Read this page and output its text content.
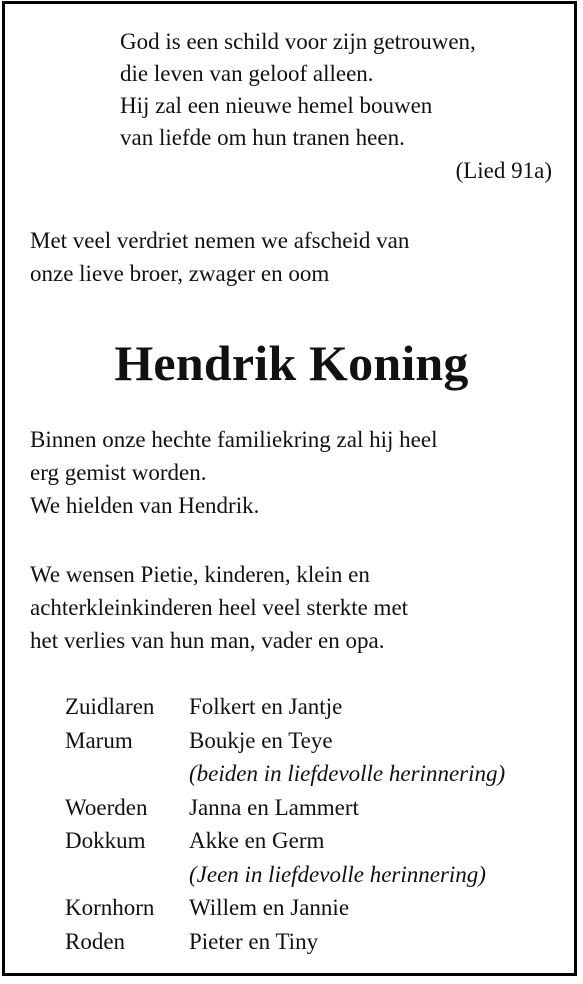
God is een schild voor zijn getrouwen,
die leven van geloof alleen.
Hij zal een nieuwe hemel bouwen
van liefde om hun tranen heen.
(Lied 91a)
Met veel verdriet nemen we afscheid van
onze lieve broer, zwager en oom
Hendrik Koning
Binnen onze hechte familiekring zal hij heel
erg gemist worden.
We hielden van Hendrik.
We wensen Pietie, kinderen, klein en
achterkleinkinderen heel veel sterkte met
het verlies van hun man, vader en opa.
Zuidlaren	Folkert en Jantje
Marum	Boukje en Teye
(beiden in liefdevolle herinnering)
Woerden	Janna en Lammert
Dokkum	Akke en Germ
(Jeen in liefdevolle herinnering)
Kornhorn	Willem en Jannie
Roden	Pieter en Tiny
